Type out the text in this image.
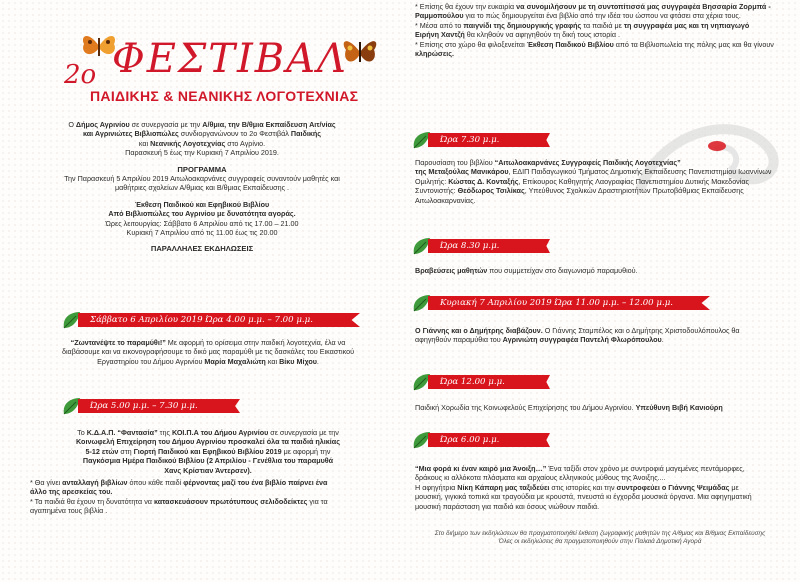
2o ΦΕΣΤΙΒΑΛ
ΠΑΙΔΙΚΗΣ & ΝΕΑΝΙΚΗΣ ΛΟΓΟΤΕΧΝΙΑΣ

Ο Δήμος Αγρινίου σε συνεργασία με την Α/θμια, την Β/θμια Εκπαίδευση Αιτ/νίας

και Αγρινιώτες Βιβλιοπώλες συνδιοργανώνουν το 2ο Φεστιβάλ Παιδικής

και Νεανικής Λογοτεχνίας στο Αγρίνιο.

Παρασκευή 5 έως την Κυριακή 7 Απριλίου 2019.

ΠΡΟΓΡΑΜΜΑ

Την Παρασκευή 5 Απριλίου 2019 Αιτωλοακαρνάνες συγγραφείς συναντούν μαθητές και

μαθήτριες σχολείων Α/θμιας και Β/θμιας Εκπαίδευσης .

Έκθεση Παιδικού και Εφηβικού Βιβλίου

Από Βιβλιοπώλες του Αγρινίου με δυνατότητα αγοράς.

Ώρες λειτουργίας: Σάββατο 6 Απριλίου από τις 17.00 – 21.00

Κυριακή 7 Απριλίου από τις 11.00 έως τις 20.00

ΠΑΡΑΛΛΗΛΕΣ ΕΚΔΗΛΩΣΕΙΣ

Σάββατο 6 Απριλίου 2019 Ώρα 4.00 μ.μ. – 7.00 μ.μ.

“Ζωντανέψτε το παραμύθι!” Με αφορμή το ορίσειμα στην παιδική λογοτεχνία, έλα να

διαβάσουμε και να εικονογραφήσουμε το δικό μας παραμύθι με τις δασκάλες του Εικαστικού

Εργαστηρίου του Δήμου Αγρινίου Μαρία Μαχαλιώτη και Βίκυ Μίχου.

Ώρα 5.00 μ.μ. – 7.30 μ.μ.

Το Κ.Δ.Α.Π. “Φαντασία” της ΚΟΙ.Π.Α του Δήμου Αγρινίου σε συνεργασία με την

Κοινωφελή Επιχείρηση του Δήμου Αγρινίου προσκαλεί όλα τα παιδιά ηλικίας

5-12 ετών στη Γιορτή Παιδικού και Εφηβικού Βιβλίου 2019 με αφορμή την

Παγκόσμια Ημέρα Παιδικού Βιβλίου (2 Απριλίου - Γενέθλια του παραμυθά

Χανς Κρίστιαν Άντερσεν).

* Θα γίνει ανταλλαγή βιβλίων όπου κάθε παιδί φέρνοντας μαζί του ένα βιβλίο παίρνει ένα

άλλο της αρεσκείας του.

* Τα παιδιά θα έχουν τη δυνατότητα να κατασκευάσουν πρωτότυπους σελιδοδείκτες για τα

αγαπημένα τους βιβλία .

* Επίσης θα έχουν την ευκαιρία να συνομιλήσουν με τη συντοπίτισσά μας συγγραφέα Βησσαρία Ζορμπά -

Ραμμοπούλου για το πώς δημιουργείται ένα βιβλίο από την ιδέα του ώσπου να φτάσει στα χέρια τους.

* Μέσα από το παιγνίδι της δημιουργικής γραφής τα παιδιά με τη συγγραφέα μας και τη νηπιαγωγό

Ειρήνη Χαντζή θα κληθούν να αφηγηθούν τη δική τους ιστορία .

* Επίσης στο χώρο θα φιλοξενείται Έκθεση Παιδικού Βιβλίου από τα Βιβλιοπωλεία της πόλης μας και θα γίνουν

κληρώσεις.

Ώρα 7.30 μ.μ.

Παρουσίαση του βιβλίου “Αιτωλοακαρνάνες Συγγραφείς Παιδικής Λογοτεχνίας”

της Μεταξούλας Μανικάρου, ΕΔΙΠ Παιδαγωγικού Τμήματος Δημοτικής Εκπαίδευσης Πανεπιστημίου Ιωαννίνων

Ομιλητής: Κώστας Δ. Κονταξής, Επίκουρος Καθηγητής Λαογραφίας Πανεπιστημίου Δυτικής Μακεδονίας

Συντονιστής: Θεόδωρος Τσιλίκας, Υπεύθυνος Σχολικών Δραστηριοτήτων Πρωτοβάθμιας Εκπαίδευσης

Αιτωλοακαρνανίας.

Ώρα 8.30 μ.μ.

Βραβεύσεις μαθητών που συμμετείχαν στο διαγωνισμό παραμυθιού.

Κυριακή 7 Απριλίου 2019 Ώρα 11.00 μ.μ. – 12.00 μ.μ.

Ο Γιάννης και ο Δημήτρης διαβάζουν. Ο Γιάννης Σταμπέλος και ο Δημήτρης Χριστοδουλόπουλος θα

αφηγηθούν παραμύθια του Αγρινιώτη συγγραφέα Παντελή Φλωρόπουλου.

Ώρα 12.00 μ.μ.

Παιδική Χορωδία της Κοινωφελούς Επιχείρησης του Δήμου Αγρινίου. Υπεύθυνη Βιβή Κανιούρη

Ώρα 6.00 μ.μ.

“Μια φορά κι έναν καιρό μια Άνοιξη…” Ένα ταξίδι στον χρόνο με συντροφιά μαγεμένες πεντάμορφες,

δράκους κι αλλόκοτα πλάσματα και αρχαίους ελληνικούς μύθους της Άνοιξης....

Η αφηγήτρια Νίκη Κάπαρη μας ταξιδεύει στις ιστορίες και την συντροφεύει ο Γιάννης Ψειμάδας με

μουσική, γιγκικά τοπικά και τραγούδια με κρουστά, πνευστά κι έγχορδα μουσικά όργανα. Μια αφηγηματική

μουσική παράσταση για παιδιά και όσους νιώθουν παιδιά.

Στο διήμερο των εκδηλώσεων θα πραγματοποιηθεί έκθεση ζωγραφικής μαθητών της Α/θμιας και Β/θμιας Εκπαίδευσης

Όλες οι εκδηλώσεις θα πραγματοποιηθούν στην Παλαιά Δημοτική Αγορά
